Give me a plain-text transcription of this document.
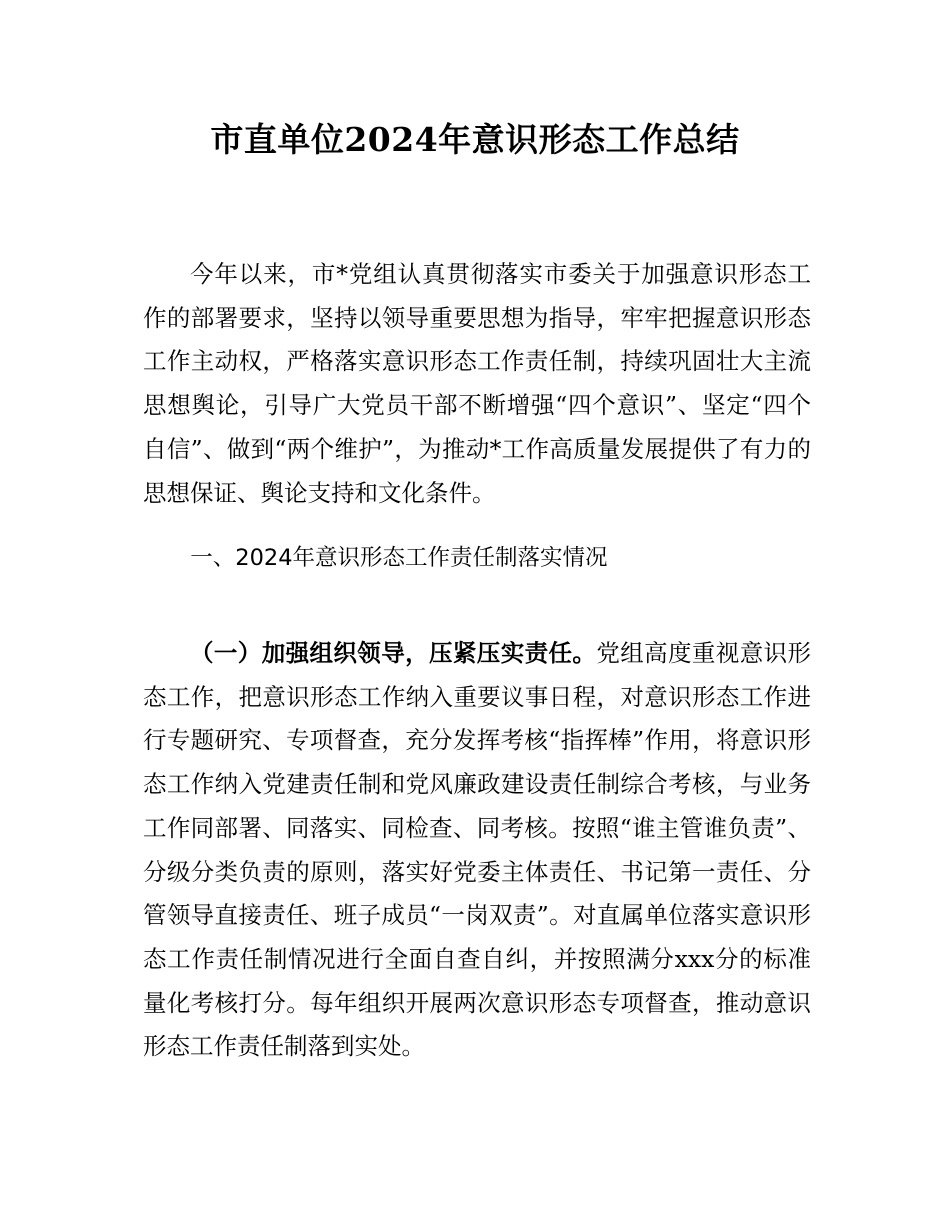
市直单位2024年意识形态工作总结

今年以来，市*党组认真贯彻落实市委关于加强意识形态工作的部署要求，坚持以领导重要思想为指导，牢牢把握意识形态工作主动权，严格落实意识形态工作责任制，持续巩固壮大主流思想舆论，引导广大党员干部不断增强“四个意识”、坚定“四个自信”、做到“两个维护”，为推动*工作高质量发展提供了有力的思想保证、舆论支持和文化条件。

一、2024年意识形态工作责任制落实情况

（一）加强组织领导，压紧压实责任。党组高度重视意识形态工作，把意识形态工作纳入重要议事日程，对意识形态工作进行专题研究、专项督查，充分发挥考核“指挥棒”作用，将意识形态工作纳入党建责任制和党风廉政建设责任制综合考核，与业务工作同部署、同落实、同检查、同考核。按照“谁主管谁负责”、分级分类负责的原则，落实好党委主体责任、书记第一责任、分管领导直接责任、班子成员“一岗双责”。对直属单位落实意识形态工作责任制情况进行全面自查自纠，并按照满分xxx分的标准量化考核打分。每年组织开展两次意识形态专项督查，推动意识形态工作责任制落到实处。
